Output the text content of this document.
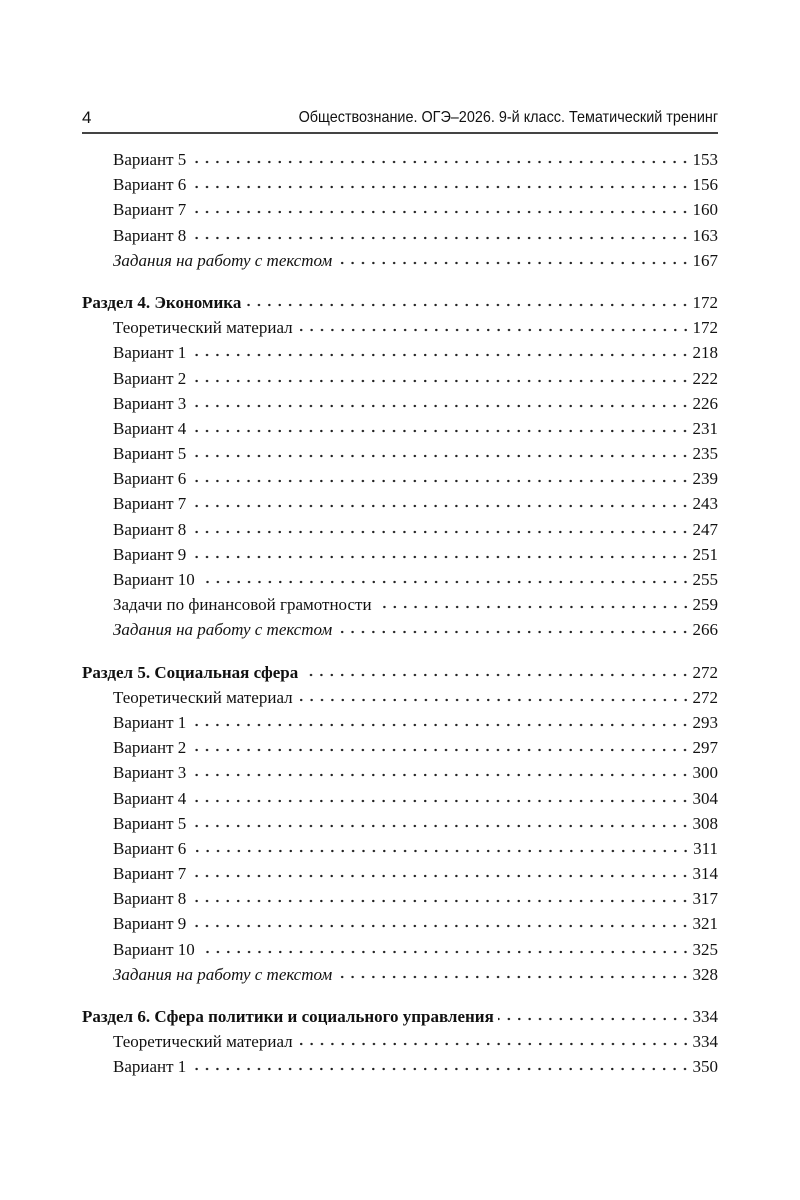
4	Обществознание. ОГЭ–2026. 9-й класс. Тематический тренинг
Вариант 5	153
Вариант 6	156
Вариант 7	160
Вариант 8	163
Задания на работу с текстом	167
Раздел 4. Экономика	172
Теоретический материал	172
Вариант 1	218
Вариант 2	222
Вариант 3	226
Вариант 4	231
Вариант 5	235
Вариант 6	239
Вариант 7	243
Вариант 8	247
Вариант 9	251
Вариант 10	255
Задачи по финансовой грамотности	259
Задания на работу с текстом	266
Раздел 5. Социальная сфера	272
Теоретический материал	272
Вариант 1	293
Вариант 2	297
Вариант 3	300
Вариант 4	304
Вариант 5	308
Вариант 6	311
Вариант 7	314
Вариант 8	317
Вариант 9	321
Вариант 10	325
Задания на работу с текстом	328
Раздел 6. Сфера политики и социального управления	334
Теоретический материал	334
Вариант 1	350
